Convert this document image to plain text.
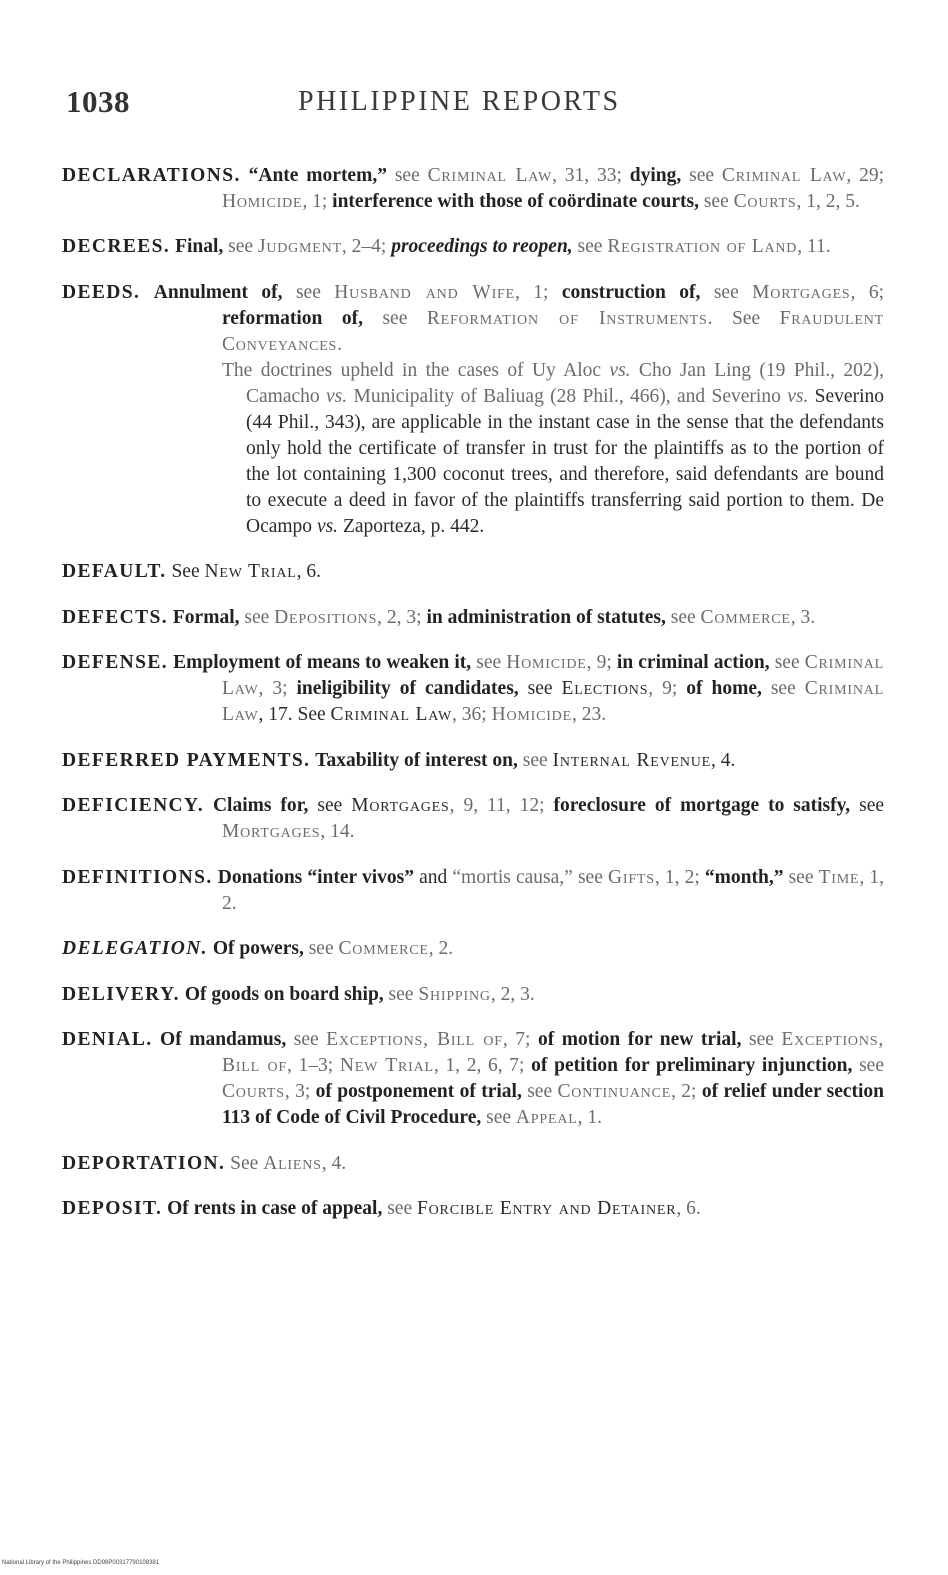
1038	PHILIPPINE REPORTS

DECLARATIONS. “Ante mortem,” see Criminal Law, 31, 33; dying, see Criminal Law, 29; Homicide, 1; interference with those of coördinate courts, see Courts, 1, 2, 5.

DECREES. Final, see Judgment, 2–4; proceedings to reopen, see Registration of Land, 11.

DEEDS. Annulment of, see Husband and Wife, 1; construction of, see Mortgages, 6; reformation of, see Reformation of Instruments. See Fraudulent Conveyances.
The doctrines upheld in the cases of Uy Aloc vs. Cho Jan Ling (19 Phil., 202), Camacho vs. Municipality of Baliuag (28 Phil., 466), and Severino vs. Severino (44 Phil., 343), are applicable in the instant case in the sense that the defendants only hold the certificate of transfer in trust for the plaintiffs as to the portion of the lot containing 1,300 coconut trees, and therefore, said defendants are bound to execute a deed in favor of the plaintiffs transferring said portion to them. De Ocampo vs. Zaporteza, p. 442.

DEFAULT. See New Trial, 6.

DEFECTS. Formal, see Depositions, 2, 3; in administration of statutes, see Commerce, 3.

DEFENSE. Employment of means to weaken it, see Homicide, 9; in criminal action, see Criminal Law, 3; ineligibility of candidates, see Elections, 9; of home, see Criminal Law, 17. See Criminal Law, 36; Homicide, 23.

DEFERRED PAYMENTS. Taxability of interest on, see Internal Revenue, 4.

DEFICIENCY. Claims for, see Mortgages, 9, 11, 12; foreclosure of mortgage to satisfy, see Mortgages, 14.

DEFINITIONS. Donations “inter vivos” and “mortis causa,” see Gifts, 1, 2; “month,” see Time, 1, 2.

DELEGATION. Of powers, see Commerce, 2.

DELIVERY. Of goods on board ship, see Shipping, 2, 3.

DENIAL. Of mandamus, see Exceptions, Bill of, 7; of motion for new trial, see Exceptions, Bill of, 1–3; New Trial, 1, 2, 6, 7; of petition for preliminary injunction, see Courts, 3; of postponement of trial, see Continuance, 2; of relief under section 113 of Code of Civil Procedure, see Appeal, 1.

DEPORTATION. See Aliens, 4.

DEPOSIT. Of rents in case of appeal, see Forcible Entry and Detainer, 6.

National Library of the Philippines DD98P00317790108381
